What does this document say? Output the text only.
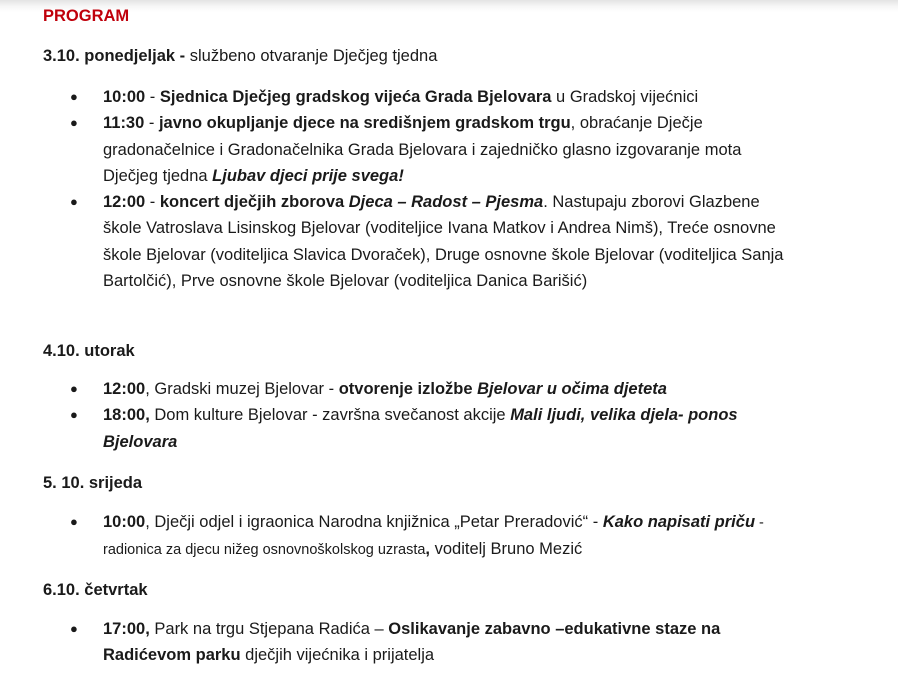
PROGRAM
3.10. ponedjeljak - službeno otvaranje Dječjeg tjedna
● 10:00 - Sjednica Dječjeg gradskog vijeća Grada Bjelovara u Gradskoj vijećnici
● 11:30 - javno okupljanje djece na središnjem gradskom trgu, obraćanje Dječje gradonačelnice i Gradonačelnika Grada Bjelovara i zajedničko glasno izgovaranje mota Dječjeg tjedna Ljubav djeci prije svega!
● 12:00 - koncert dječjih zborova Djeca – Radost – Pjesma. Nastupaju zborovi Glazbene škole Vatroslava Lisinskog Bjelovar (voditeljice Ivana Matkov i Andrea Nimš), Treće osnovne škole Bjelovar (voditeljica Slavica Dvoraček), Druge osnovne škole Bjelovar (voditeljica Sanja Bartolčić), Prve osnovne škole Bjelovar (voditeljica Danica Barišić)
4.10. utorak
● 12:00, Gradski muzej Bjelovar - otvorenje izložbe Bjelovar u očima djeteta
● 18:00, Dom kulture Bjelovar - završna svečanost akcije Mali ljudi, velika djela- ponos Bjelovara
5. 10. srijeda
● 10:00, Dječji odjel i igraonica Narodna knjižnica „Petar Preradović“ - Kako napisati priču - radionica za djecu nižeg osnovnoškolskog uzrasta, voditelj Bruno Mezić
6.10. četvrtak
● 17:00, Park na trgu Stjepana Radića – Oslikavanje zabavno –edukativne staze na Radićevom parku dječjih vijećnika i prijatelja
